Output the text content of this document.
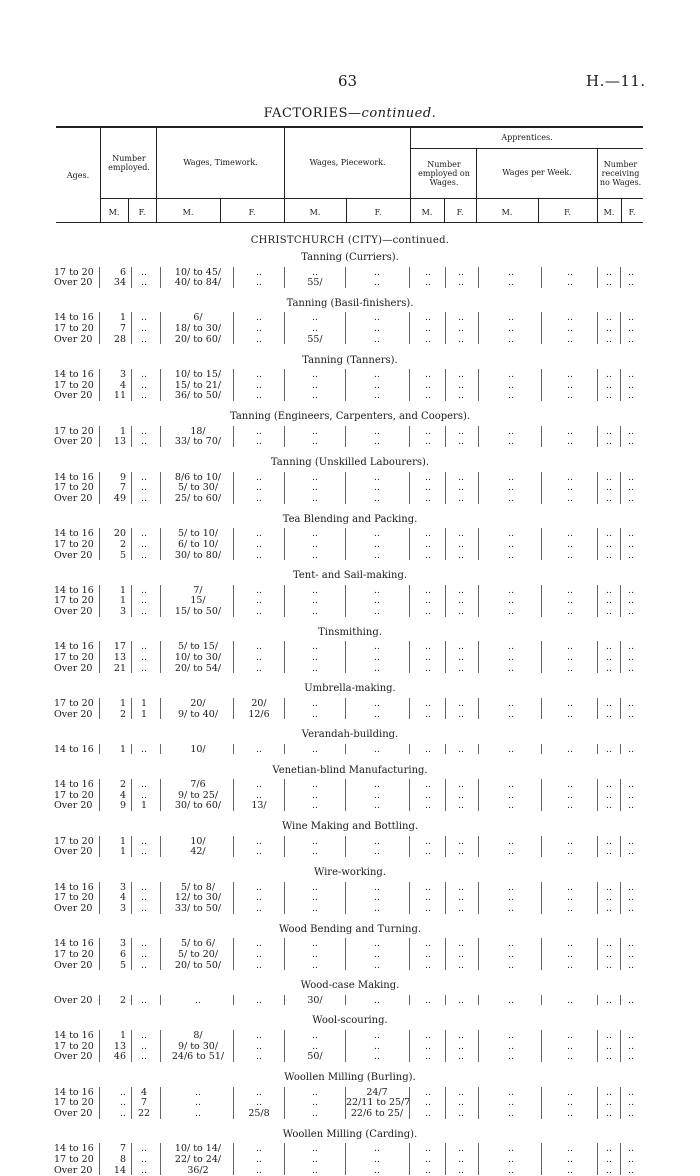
63	H.—11.
FACTORIES—continued.
Ages.
Number employed.
Wages, Timework.	Wages, Piecework.
Apprentices.
Number employed on Wages.
Wages per Week.
Number receiving no Wages.
M.	F.	M.	F.	M.	F.	M.	F.	M.	F.	M.	F.
CHRISTCHURCH (CITY)—continued.
Tanning (Curriers).
17 to 20	6	..	10/ to 45/	..	..	..	..	..	..	..	..	..
Over 20	34	..	40/ to 84/	..	55/	..	..	..	..	..	..	..
Tanning (Basil-finishers).
14 to 16	1	..	6/	..	..	..	..	..	..	..	..	..
17 to 20	7	..	18/ to 30/	..	..	..	..	..	..	..	..	..
Over 20	28	..	20/ to 60/	..	55/	..	..	..	..	..	..	..
Tanning (Tanners).
14 to 16	3	..	10/ to 15/	..	..	..	..	..	..	..	..	..
17 to 20	4	..	15/ to 21/	..	..	..	..	..	..	..	..	..
Over 20	11	..	36/ to 50/	..	..	..	..	..	..	..	..	..
Tanning (Engineers, Carpenters, and Coopers).
17 to 20	1	..	18/	..	..	..	..	..	..	..	..	..
Over 20	13	..	33/ to 70/	..	..	..	..	..	..	..	..	..
Tanning (Unskilled Labourers).
14 to 16	9	..	8/6 to 10/	..	..	..	..	..	..	..	..	..
17 to 20	7	..	5/ to 30/	..	..	..	..	..	..	..	..	..
Over 20	49	..	25/ to 60/	..	..	..	..	..	..	..	..	..
Tea Blending and Packing.
14 to 16	20	..	5/ to 10/	..	..	..	..	..	..	..	..	..
17 to 20	2	..	6/ to 10/	..	..	..	..	..	..	..	..	..
Over 20	5	..	30/ to 80/	..	..	..	..	..	..	..	..	..
Tent- and Sail-making.
14 to 16	1	..	7/	..	..	..	..	..	..	..	..	..
17 to 20	1	..	15/	..	..	..	..	..	..	..	..	..
Over 20	3	..	15/ to 50/	..	..	..	..	..	..	..	..	..
Tinsmithing.
14 to 16	17	..	5/ to 15/	..	..	..	..	..	..	..	..	..
17 to 20	13	..	10/ to 30/	..	..	..	..	..	..	..	..	..
Over 20	21	..	20/ to 54/	..	..	..	..	..	..	..	..	..
Umbrella-making.
17 to 20	1	1	20/	20/	..	..	..	..	..	..	..	..
Over 20	2	1	9/ to 40/	12/6	..	..	..	..	..	..	..	..
Verandah-building.
14 to 16	1	..	10/	..	..	..	..	..	..	..	..	..
Venetian-blind Manufacturing.
14 to 16	2	..	7/6	..	..	..	..	..	..	..	..	..
17 to 20	4	..	9/ to 25/	..	..	..	..	..	..	..	..	..
Over 20	9	1	30/ to 60/	13/	..	..	..	..	..	..	..	..
Wine Making and Bottling.
17 to 20	1	..	10/	..	..	..	..	..	..	..	..	..
Over 20	1	..	42/	..	..	..	..	..	..	..	..	..
Wire-working.
14 to 16	3	..	5/ to 8/	..	..	..	..	..	..	..	..	..
17 to 20	4	..	12/ to 30/	..	..	..	..	..	..	..	..	..
Over 20	3	..	33/ to 50/	..	..	..	..	..	..	..	..	..
Wood Bending and Turning.
14 to 16	3	..	5/ to 6/	..	..	..	..	..	..	..	..	..
17 to 20	6	..	5/ to 20/	..	..	..	..	..	..	..	..	..
Over 20	5	..	20/ to 50/	..	..	..	..	..	..	..	..	..
Wood-case Making.
Over 20	2	..	..	..	30/	..	..	..	..	..	..	..
Wool-scouring.
14 to 16	1	..	8/	..	..	..	..	..	..	..	..	..
17 to 20	13	..	9/ to 30/	..	..	..	..	..	..	..	..	..
Over 20	46	..	24/6 to 51/	..	50/	..	..	..	..	..	..	..
Woollen Milling (Burling).
14 to 16	..	4	..	..	..	24/7	..	..	..	..	..	..
17 to 20	..	7	..	..	..	22/11 to 25/7	..	..	..	..	..	..
Over 20	..	22	..	25/8	..	22/6 to 25/	..	..	..	..	..	..
Woollen Milling (Carding).
14 to 16	7	..	10/ to 14/	..	..	..	..	..	..	..	..	..
17 to 20	8	..	22/ to 24/	..	..	..	..	..	..	..	..	..
Over 20	14	..	36/2	..	..	..	..	..	..	..	..	..
